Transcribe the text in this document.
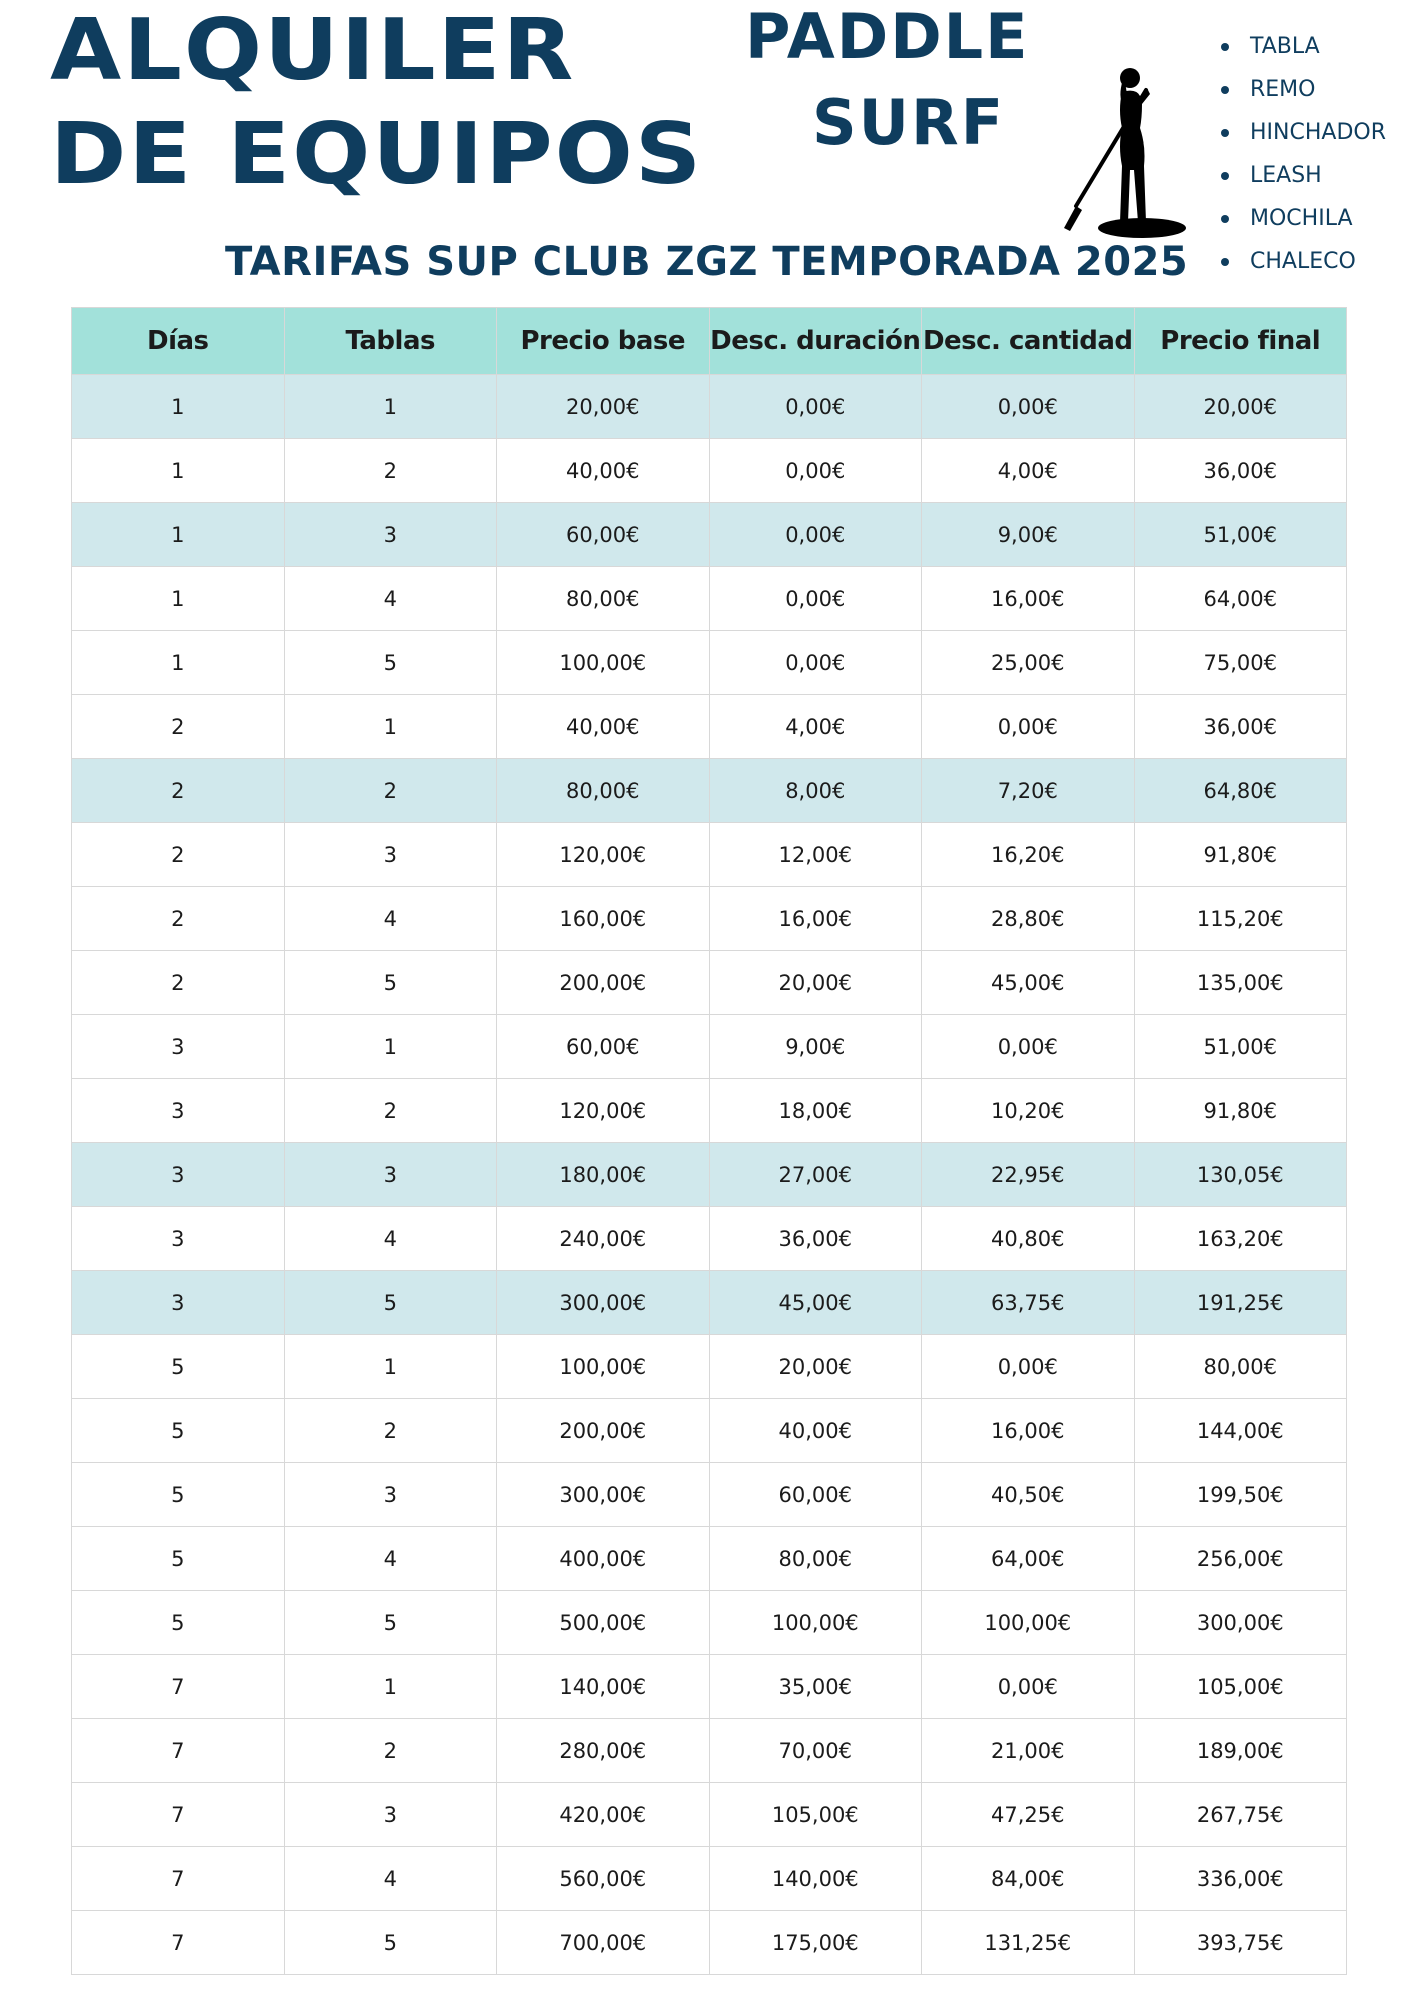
ALQUILER
DE EQUIPOS
PADDLE
SURF
TABLA
REMO
HINCHADOR
LEASH
MOCHILA
CHALECO
TARIFAS SUP CLUB ZGZ TEMPORADA 2025
Días	Tablas	Precio base	Desc. duración	Desc. cantidad	Precio final
1	1	20,00€	0,00€	0,00€	20,00€
1	2	40,00€	0,00€	4,00€	36,00€
1	3	60,00€	0,00€	9,00€	51,00€
1	4	80,00€	0,00€	16,00€	64,00€
1	5	100,00€	0,00€	25,00€	75,00€
2	1	40,00€	4,00€	0,00€	36,00€
2	2	80,00€	8,00€	7,20€	64,80€
2	3	120,00€	12,00€	16,20€	91,80€
2	4	160,00€	16,00€	28,80€	115,20€
2	5	200,00€	20,00€	45,00€	135,00€
3	1	60,00€	9,00€	0,00€	51,00€
3	2	120,00€	18,00€	10,20€	91,80€
3	3	180,00€	27,00€	22,95€	130,05€
3	4	240,00€	36,00€	40,80€	163,20€
3	5	300,00€	45,00€	63,75€	191,25€
5	1	100,00€	20,00€	0,00€	80,00€
5	2	200,00€	40,00€	16,00€	144,00€
5	3	300,00€	60,00€	40,50€	199,50€
5	4	400,00€	80,00€	64,00€	256,00€
5	5	500,00€	100,00€	100,00€	300,00€
7	1	140,00€	35,00€	0,00€	105,00€
7	2	280,00€	70,00€	21,00€	189,00€
7	3	420,00€	105,00€	47,25€	267,75€
7	4	560,00€	140,00€	84,00€	336,00€
7	5	700,00€	175,00€	131,25€	393,75€
